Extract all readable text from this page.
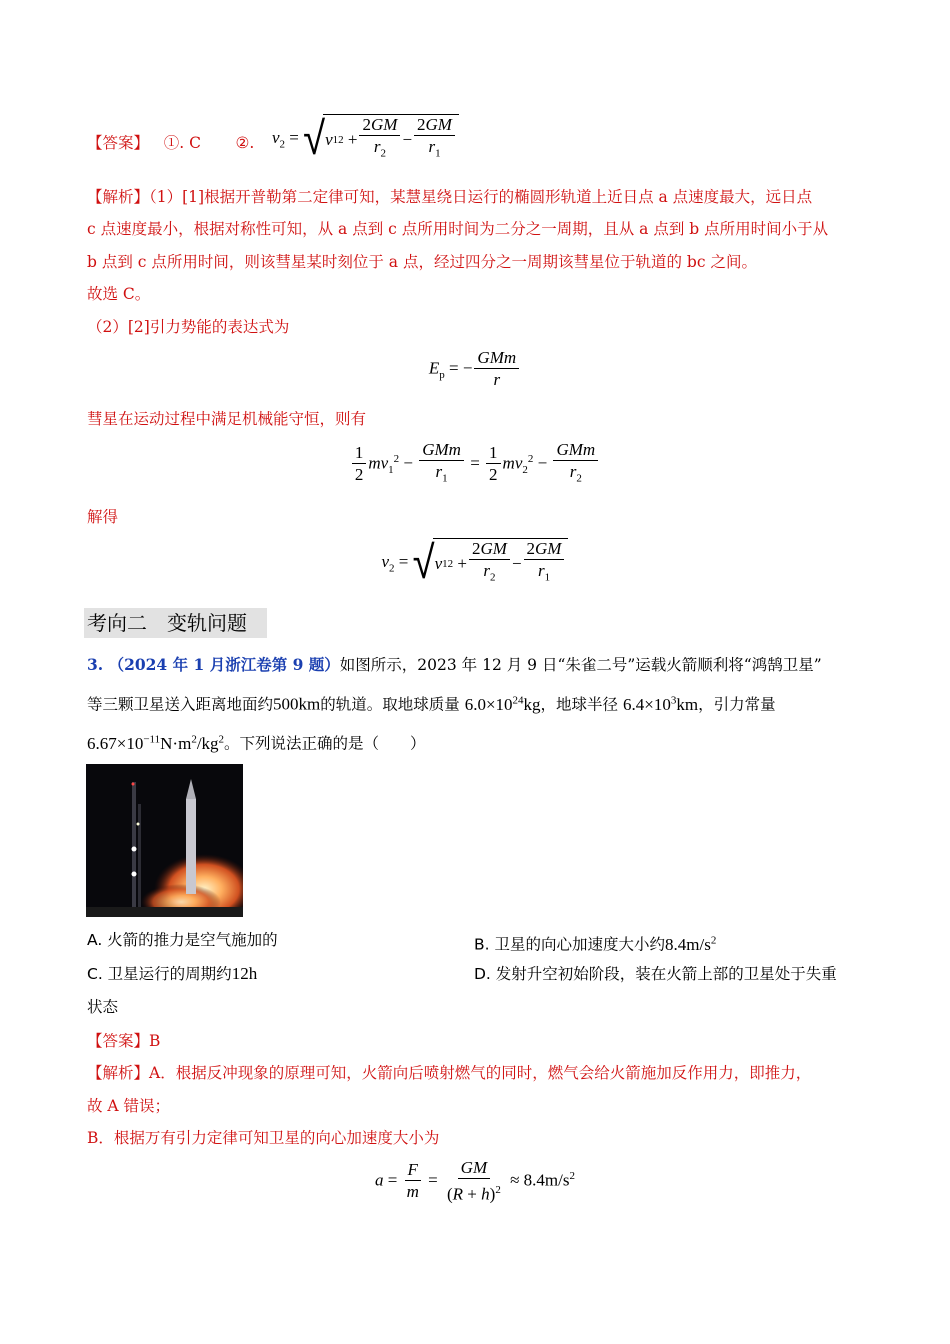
【答案】 ①. C ②. $v_2$ = √ v 1 $2 + \frac{2GM}{r_2} - \frac{2GM}{r_1}$
【解析】（1）[1]根据开普勒第二定律可知，某慧星绕日运行的椭圆形轨道上近日点 a 点速度最大，远日点
c 点速度最小，根据对称性可知，从 a 点到 c 点所用时间为二分之一周期，且从 a 点到 b 点所用时间小于从
b 点到 c 点所用时间，则该彗星某时刻位于 a 点，经过四分之一周期该彗星位于轨道的 bc 之间。
故选 C。
（2）[2]引力势能的表达式为
$E_p$ = − $\frac{\text{GMm}}{r}$
彗星在运动过程中满足机械能守恒，则有
$\frac{1}{2} mv_1^2 - \frac{\text{GMm}}{r_1} = \frac{1}{2} mv_2^2 - \frac{\text{GMm}}{r_2}$
解得
$v_2$ = √ v 1 $2 + \frac{2GM}{r_2} - \frac{2GM}{r_1}$
考向二　变轨问题
3. （2024 年 1 月浙江卷第 9 题）如图所示，2023 年 12 月 9 日“朱雀二号”运载火箭顺利将“鸿鹄卫星”
等三颗卫星送入距离地面约500km的轨道。取地球质量 $6.0\times 10^{24}kg$，地球半径 $6.4\times 10^3km$，引力常量
$6.67\times 10^{-11}N\cdot m^2/kg^2$。下列说法正确的是（　　）
A. 火箭的推力是空气施加的	B. 卫星的向心加速度大小约$8.4m/s^2$
C. 卫星运行的周期约12h	D. 发射升空初始阶段，装在火箭上部的卫星处于失重
状态
【答案】B
【解析】A．根据反冲现象的原理可知，火箭向后喷射燃气的同时，燃气会给火箭施加反作用力，即推力，
故 A 错误；
B．根据万有引力定律可知卫星的向心加速度大小为
$a = \frac{F}{m} = \frac{GM}{(R + h)^2} \approx 8.4m/s^2$
